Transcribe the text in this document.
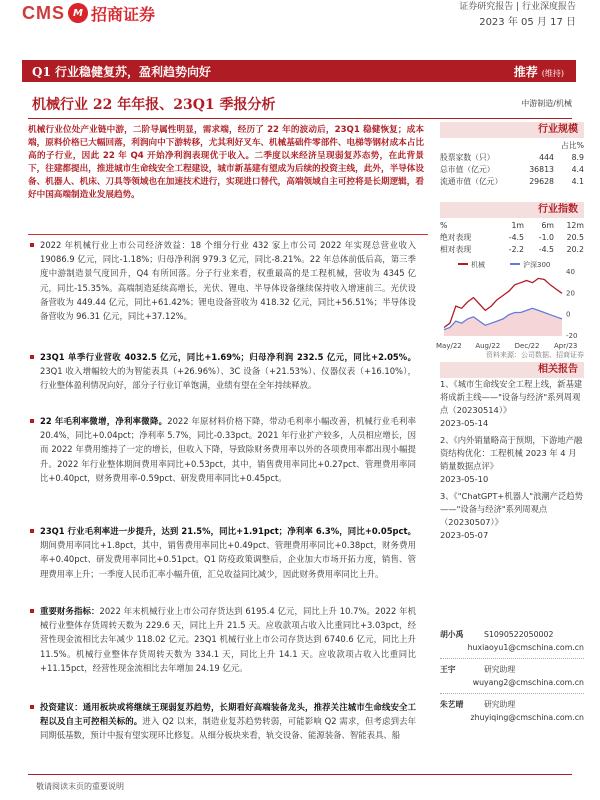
CMS M 招商证券	证券研究报告 | 行业深度报告
2023 年 05 月 17 日
Q1 行业稳健复苏，盈利趋势向好	推荐 (维持)
机械行业 22 年年报、23Q1 季报分析	中游制造/机械
机械行业位处产业链中游，二阶导属性明显，需求端，经历了 22 年的波动后，23Q1 稳健恢复；成本端，原料价格已大幅回落，利润向中下游转移，尤其利好叉车、机械基础件零部件、电梯等钢材成本占比高的子行业，因此 22 年 Q4 开始净利润表现优于收入。二季度以来经济呈现弱复苏态势，在此背景下，往建都提出，推进城市生命线安全工程建设，城市新基建有望成为后续的投资主线，此外，半导体设备、机器人、机床、刀具等领域也在加速技术进行，实现进口替代，高端领域自主可控将是长期逻辑，看好中国高端制造业发展趋势。
2022 年机械行业上市公司经济效益：18 个细分行业 432 家上市公司 2022 年实现总营业收入 19086.9 亿元，同比-1.18%；归母净利润 979.3 亿元，同比-8.21%。22 年总体前低后高，第三季度中游制造景气度回升，Q4 有所回落。分子行业来看，权重最高的是工程机械，营收为 4345 亿元，同比-15.35%。高端制造延续高增长，光伏、锂电、半导体设备继续保持收入增速前三。光伏设备营收为 449.44 亿元，同比+61.42%；锂电设备营收为 418.32 亿元，同比+56.51%；半导体设备营收为 96.31 亿元，同比+37.12%。
23Q1 单季行业营收 4032.5 亿元，同比+1.69%；归母净利润 232.5 亿元，同比+2.05%。23Q1 收入增幅较大的为智能表具（+26.96%）、3C 设备（+21.53%）、仪器仪表（+16.10%），行业整体盈利情况向好，部分子行业订单饱满，业绩有望在全年持续释放。
22 年毛利率微增，净利率微降。2022 年原材料价格下降，带动毛利率小幅改善，机械行业毛利率 20.4%，同比+0.04pct；净利率 5.7%，同比-0.33pct。2021 年行业扩产较多，人员相应增长，因而 2022 年费用维持了一定的增长，但收入下降，导致除财务费用率以外的各项费用率都出现小幅提升。2022 年行业整体期间费用率同比+0.53pct，其中，销售费用率同比+0.27pct、管理费用率同比+0.40pct，财务费用率-0.59pct、研发费用率同比+0.45pct。
23Q1 行业毛利率进一步提升，达到 21.5%，同比+1.91pct；净利率 6.3%，同比+0.05pct。期间费用率同比+1.8pct，其中，销售费用率同比+0.49pct、管理费用率同比+0.38pct，财务费用率+0.40pct、研发费用率同比+0.51pct。Q1 防疫政策调整后，企业加大市场开拓力度，销售、管理费用率上升；一季度人民币汇率小幅升值，汇兑收益同比减少，因此财务费用率同比上升。
重要财务指标：2022 年末机械行业上市公司存货达到 6195.4 亿元，同比上升 10.7%。2022 年机械行业整体存货周转天数为 229.6 天，同比上升 21.5 天。应收款项占收入比重同比+3.03pct，经营性现金流相比去年减少 118.02 亿元。23Q1 机械行业上市公司存货达到 6740.6 亿元，同比上升 11.5%。机械行业整体存货周转天数为 334.1 天，同比上升 14.1 天。应收款项占收入比重同比+11.15pct，经营性现金流相比去年增加 24.19 亿元。
投资建议：通用板块或将继续王现弱复苏趋势，长期看好高端装备龙头，推荐关注城市生命线安全工程以及自主可控相关标的。进入 Q2 以来，制造业复苏趋势转弱，可能影响 Q2 需求，但考虑到去年同期低基数，预计中报有望实现环比修复。从细分板块来看，轨交设备、能源装备、智能表具、船
行业规模
占比%
股票家数（只）	444	8.9
总市值（亿元）	36813	4.4
流通市值（亿元）	29628	4.1
行业指数
%	1m	6m	12m
绝对表现	-4.5	-1.0	20.5
相对表现	-2.2	-4.5	20.2
机械	沪深300
40
20
0
-20
May/22 Aug/22 Dec/22 Apr/23
资料来源：公司数据、招商证券
相关报告
1、《城市生命线安全工程上线，新基建将成新主线——"设备与经济"系列周观点（20230514）》
2023-05-14
2、《内外销量略高于预期，下游地产融资结构优化：工程机械 2023 年 4 月销量数据点评》
2023-05-10
3、《"ChatGPT+机器人"浪潮产泛趋势——"设备与经济"系列周观点（20230507）》
2023-05-07
胡小禹	S1090522050002
huxiaoyu1@cmschina.com.cn
王宇	研究助理
wuyang2@cmschina.com.cn
朱艺晴	研究助理
zhuyiqing@cmschina.com.cn
敬请阅读末页的重要说明
